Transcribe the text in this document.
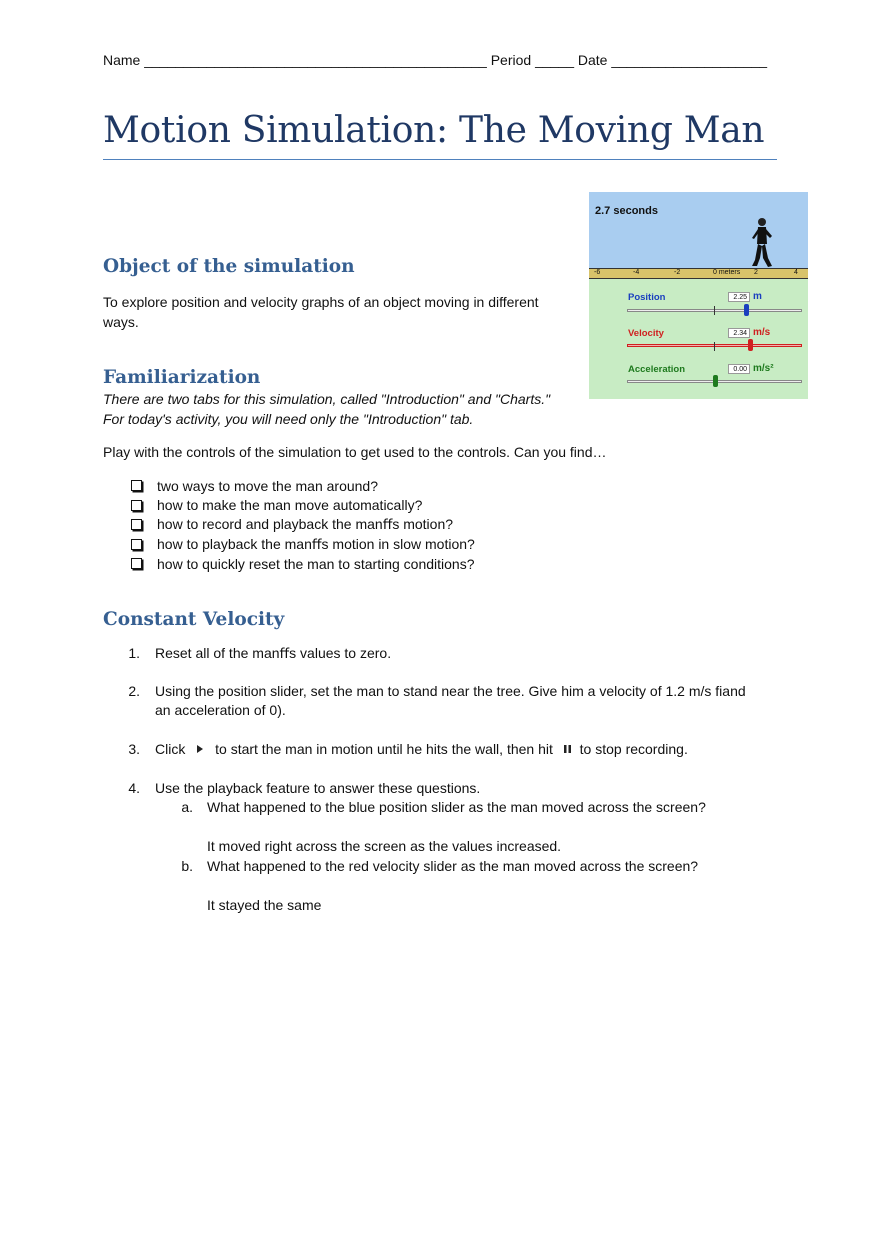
Name ____________________________________________ Period _____ Date ____________________
Motion Simulation: The Moving Man
2.7 seconds
-6	-4	-2	0 meters 2	4
Position	2.25 m
Velocity	2.34 m/s
Acceleration	0.00 m/s²
Object of the simulation
To explore position and velocity graphs of an object moving in different
ways.
Familiarization
There are two tabs for this simulation, called "Introduction" and "Charts."
For today's activity, you will need only the "Introduction" tab.
Play with the controls of the simulation to get used to the controls. Can you find…
two ways to move the man around?
how to make the man move automatically?
how to record and playback the manﬀs motion?
how to playback the manﬀs motion in slow motion?
how to quickly reset the man to starting conditions?
Constant Velocity
1.	Reset all of the manﬀs values to zero.
2.	Using the position slider, set the man to stand near the tree. Give him a velocity of 1.2 m/s ﬁand
an acceleration of 0).
3.	Click to start the man in motion until he hits the wall, then hit to stop recording.
4.	Use the playback feature to answer these questions.
a.	What happened to the blue position slider as the man moved across the screen?
It moved right across the screen as the values increased.
b.	What happened to the red velocity slider as the man moved across the screen?
It stayed the same
